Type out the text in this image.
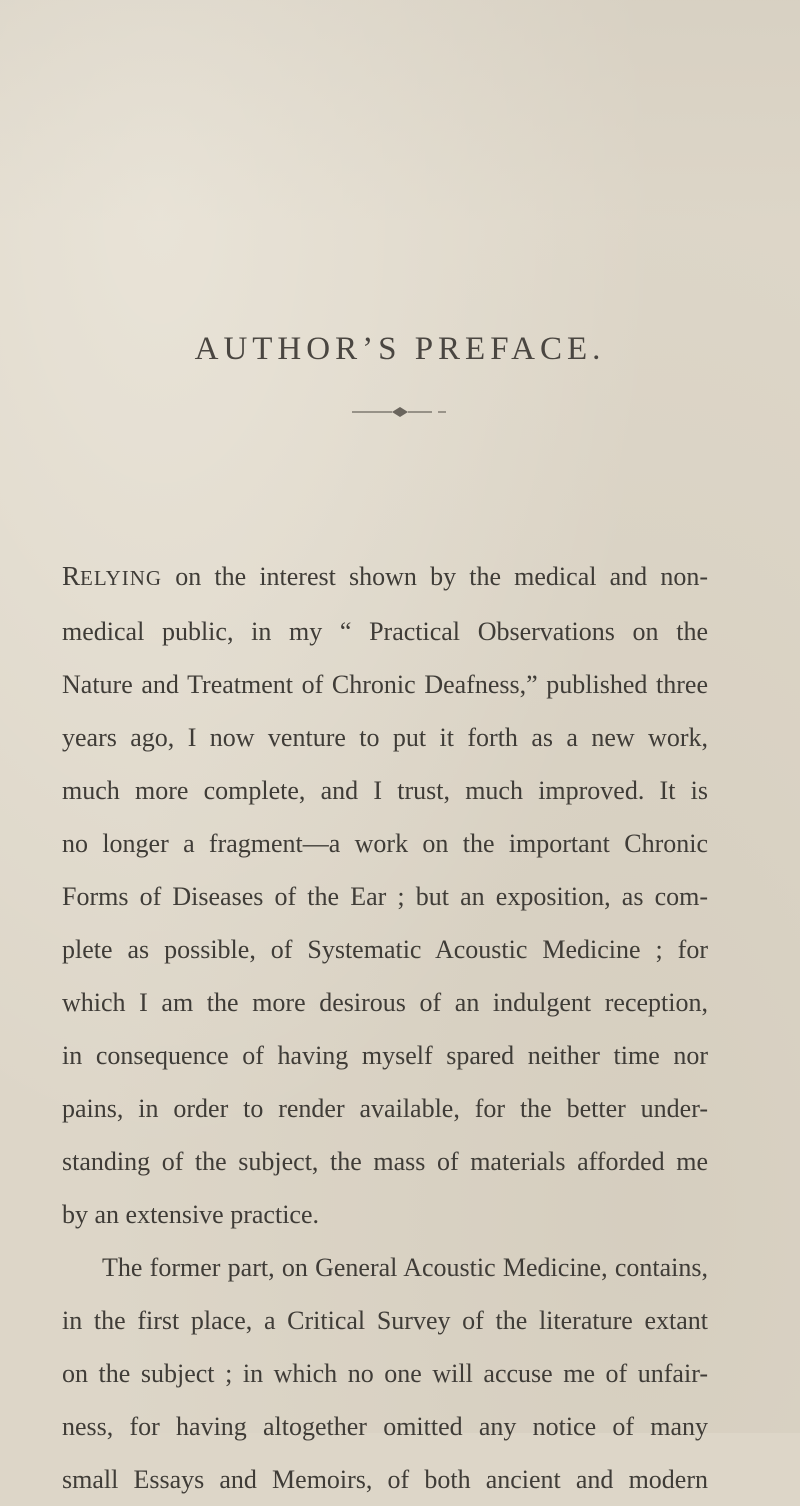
AUTHOR’S PREFACE.

RELYING on the interest shown by the medical and non-
medical public, in my “ Practical Observations on the
Nature and Treatment of Chronic Deafness,” published three
years ago, I now venture to put it forth as a new work,
much more complete, and I trust, much improved. It is
no longer a fragment—a work on the important Chronic
Forms of Diseases of the Ear ; but an exposition, as com-
plete as possible, of Systematic Acoustic Medicine ; for
which I am the more desirous of an indulgent reception,
in consequence of having myself spared neither time nor
pains, in order to render available, for the better under-
standing of the subject, the mass of materials afforded me
by an extensive practice.

The former part, on General Acoustic Medicine, contains,
in the first place, a Critical Survey of the literature extant
on the subject ; in which no one will accuse me of unfair-
ness, for having altogether omitted any notice of many
small Essays and Memoirs, of both ancient and modern
